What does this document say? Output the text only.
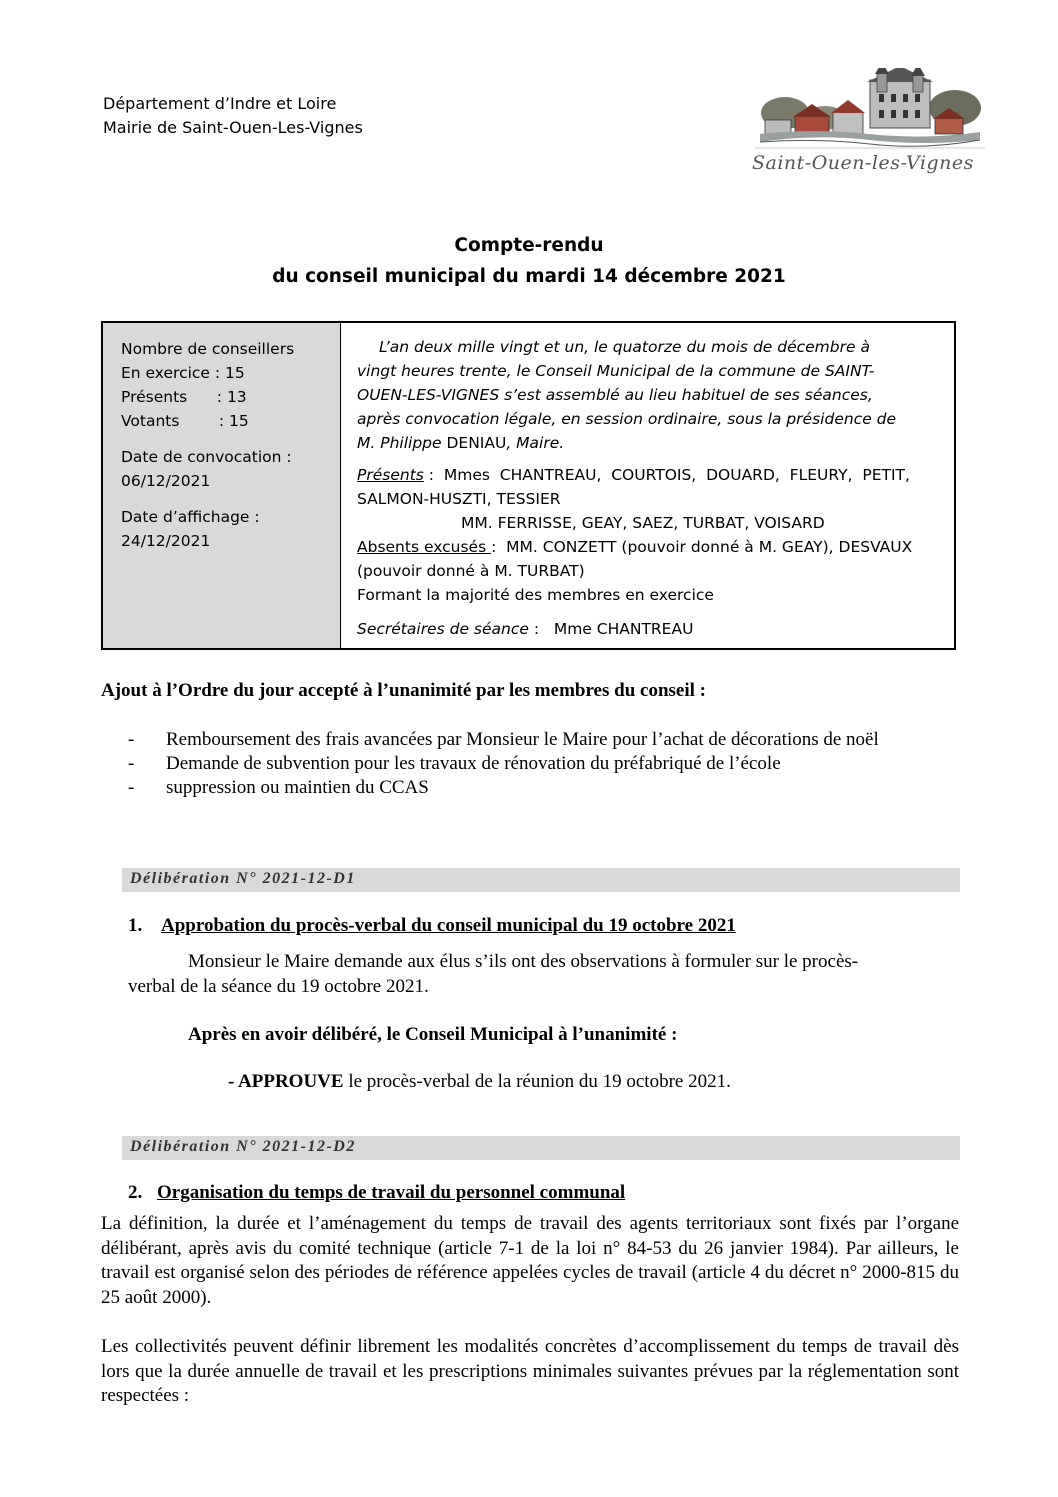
Département d’Indre et Loire
Mairie de Saint-Ouen-Les-Vignes
Saint-Ouen-les-Vignes
Compte-rendu
du conseil municipal du mardi 14 décembre 2021
Nombre de conseillers
En exercice : 15
Présents      : 13
Votants        : 15
Date de convocation :
06/12/2021
Date d’affichage :
24/12/2021
L’an deux mille vingt et un, le quatorze du mois de décembre à
vingt heures trente, le Conseil Municipal de la commune de SAINT-
OUEN-LES-VIGNES s’est assemblé au lieu habituel de ses séances,
après convocation légale, en session ordinaire, sous la présidence de
M. Philippe DENIAU, Maire.
Présents :  Mmes  CHANTREAU,  COURTOIS,  DOUARD,  FLEURY,  PETIT,
SALMON-HUSZTI, TESSIER
MM. FERRISSE, GEAY, SAEZ, TURBAT, VOISARD
Absents excusés :  MM. CONZETT (pouvoir donné à M. GEAY), DESVAUX
(pouvoir donné à M. TURBAT)
Formant la majorité des membres en exercice
Secrétaires de séance :   Mme CHANTREAU
Ajout à l’Ordre du jour accepté à l’unanimité par les membres du conseil :
- Remboursement des frais avancées par Monsieur le Maire pour l’achat de décorations de noël
- Demande de subvention pour les travaux de rénovation du préfabriqué de l’école
- suppression ou maintien du CCAS
Délibération N° 2021-12-D1
1. Approbation du procès-verbal du conseil municipal du 19 octobre 2021
Monsieur le Maire demande aux élus s’ils ont des observations à formuler sur le procès-
verbal de la séance du 19 octobre 2021.
Après en avoir délibéré, le Conseil Municipal à l’unanimité :
- APPROUVE le procès-verbal de la réunion du 19 octobre 2021.
Délibération N° 2021-12-D2
2. Organisation du temps de travail du personnel communal
La définition, la durée et l’aménagement du temps de travail des agents territoriaux sont fixés par l’organe délibérant, après avis du comité technique (article 7-1 de la loi n° 84-53 du 26 janvier 1984). Par ailleurs, le travail est organisé selon des périodes de référence appelées cycles de travail (article 4 du décret n° 2000-815 du 25 août 2000).
Les collectivités peuvent définir librement les modalités concrètes d’accomplissement du temps de travail dès lors que la durée annuelle de travail et les prescriptions minimales suivantes prévues par la réglementation sont respectées :
